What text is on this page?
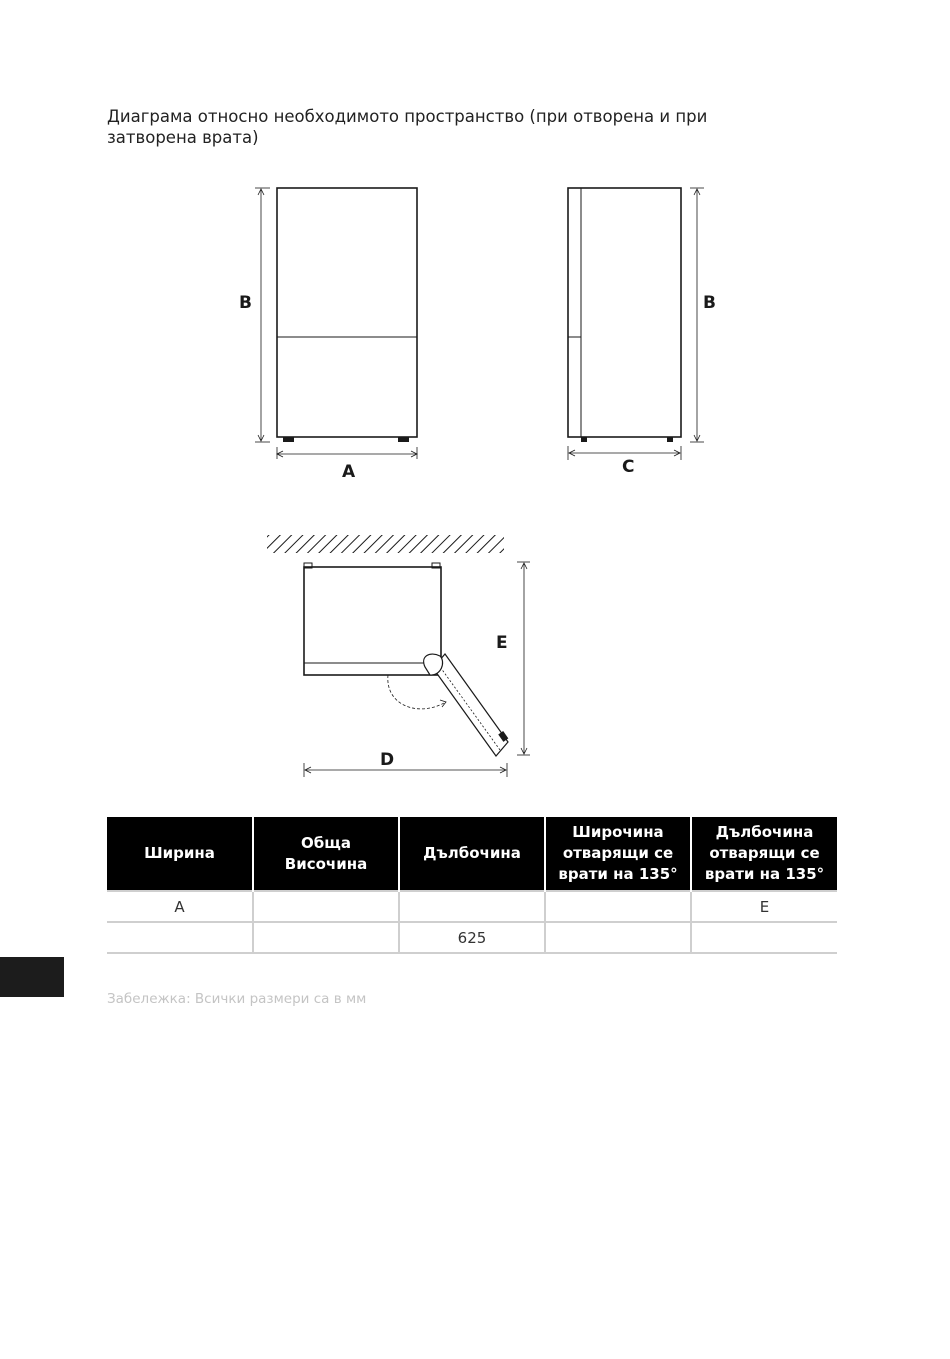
Диаграма относно необходимото пространство (при отворена и при затворена врата)

B
A
B
C
E
D
Ширина	Обща Височина	Дълбочина	Широчина отварящи се врати на 135°	Дълбочина отварящи се врати на 135°
A				E
		625		

Забележка: Всички размери са в мм
